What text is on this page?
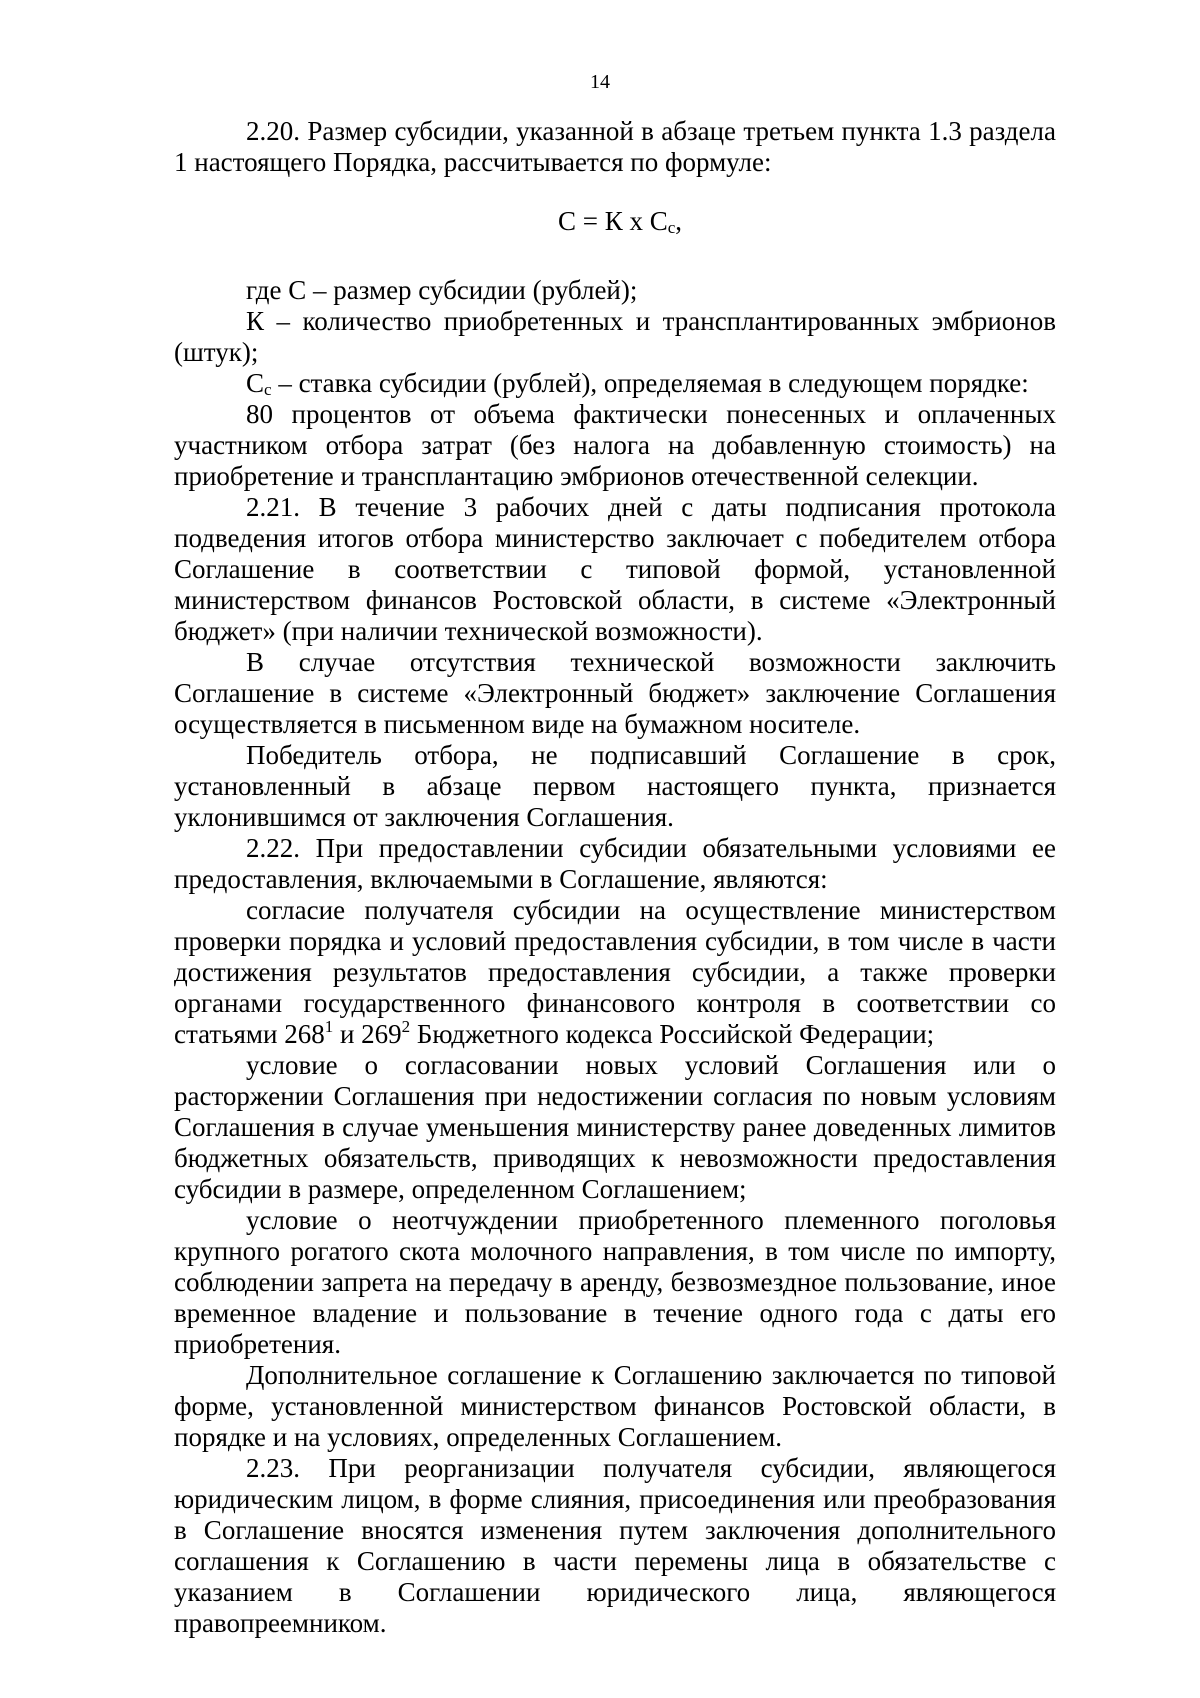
14

2.20. Размер субсидии, указанной в абзаце третьем пункта 1.3 раздела 1 настоящего Порядка, рассчитывается по формуле:

С = К х $С_с$,

где С – размер субсидии (рублей);

К – количество приобретенных и трансплантированных эмбрионов (штук);

$С_с$ – ставка субсидии (рублей), определяемая в следующем порядке:

80 процентов от объема фактически понесенных и оплаченных участником отбора затрат (без налога на добавленную стоимость) на приобретение и трансплантацию эмбрионов отечественной селекции.

2.21. В течение 3 рабочих дней с даты подписания протокола подведения итогов отбора министерство заключает с победителем отбора Соглашение в соответствии с типовой формой, установленной министерством финансов Ростовской области, в системе «Электронный бюджет» (при наличии технической возможности).

В случае отсутствия технической возможности заключить Соглашение в системе «Электронный бюджет» заключение Соглашения осуществляется в письменном виде на бумажном носителе.

Победитель отбора, не подписавший Соглашение в срок, установленный в абзаце первом настоящего пункта, признается уклонившимся от заключения Соглашения.

2.22. При предоставлении субсидии обязательными условиями ее предоставления, включаемыми в Соглашение, являются:

согласие получателя субсидии на осуществление министерством проверки порядка и условий предоставления субсидии, в том числе в части достижения результатов предоставления субсидии, а также проверки органами государственного финансового контроля в соответствии со статьями $268^1$ и $269^2$ Бюджетного кодекса Российской Федерации;

условие о согласовании новых условий Соглашения или о расторжении Соглашения при недостижении согласия по новым условиям Соглашения в случае уменьшения министерству ранее доведенных лимитов бюджетных обязательств, приводящих к невозможности предоставления субсидии в размере, определенном Соглашением;

условие о неотчуждении приобретенного племенного поголовья крупного рогатого скота молочного направления, в том числе по импорту, соблюдении запрета на передачу в аренду, безвозмездное пользование, иное временное владение и пользование в течение одного года с даты его приобретения.

Дополнительное соглашение к Соглашению заключается по типовой форме, установленной министерством финансов Ростовской области, в порядке и на условиях, определенных Соглашением.

2.23. При реорганизации получателя субсидии, являющегося юридическим лицом, в форме слияния, присоединения или преобразования в Соглашение вносятся изменения путем заключения дополнительного соглашения к Соглашению в части перемены лица в обязательстве с указанием в Соглашении юридического лица, являющегося правопреемником.
